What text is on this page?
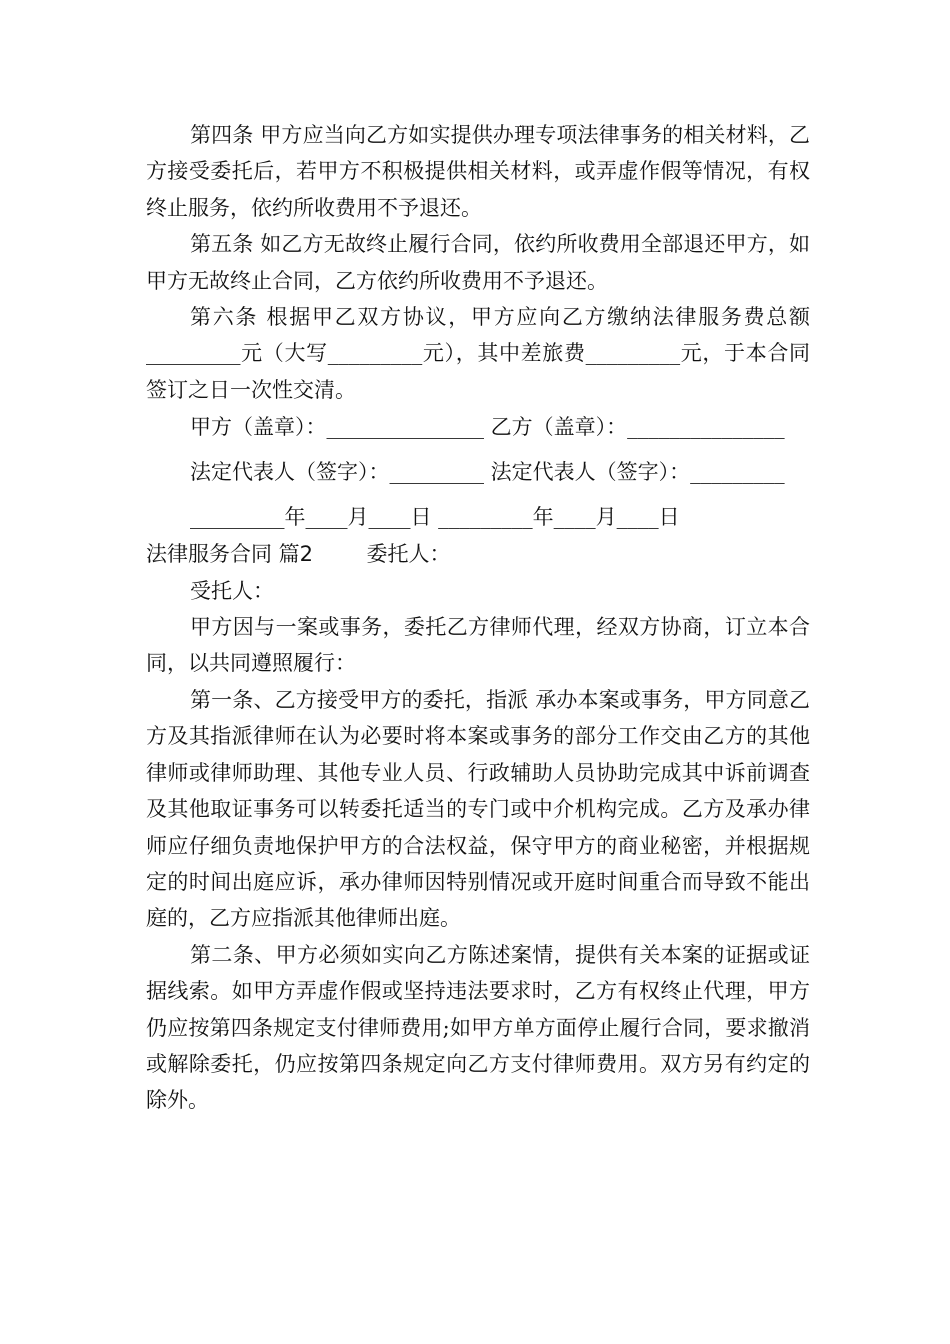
第四条 甲方应当向乙方如实提供办理专项法律事务的相关材料，乙方接受委托后，若甲方不积极提供相关材料，或弄虚作假等情况，有权终止服务，依约所收费用不予退还。

第五条 如乙方无故终止履行合同，依约所收费用全部退还甲方，如甲方无故终止合同，乙方依约所收费用不予退还。

第六条 根据甲乙双方协议，甲方应向乙方缴纳法律服务费总额_________元（大写_________元），其中差旅费_________元，于本合同签订之日一次性交清。

甲方（盖章）：_______________ 乙方（盖章）：_______________

法定代表人（签字）：_________ 法定代表人（签字）：_________

_________年____月____日 _________年____月____日

法律服务合同 篇2	委托人：

受托人：

甲方因与一案或事务，委托乙方律师代理，经双方协商，订立本合同，以共同遵照履行：

第一条、乙方接受甲方的委托，指派 承办本案或事务，甲方同意乙方及其指派律师在认为必要时将本案或事务的部分工作交由乙方的其他律师或律师助理、其他专业人员、行政辅助人员协助完成其中诉前调查及其他取证事务可以转委托适当的专门或中介机构完成。乙方及承办律师应仔细负责地保护甲方的合法权益，保守甲方的商业秘密，并根据规定的时间出庭应诉，承办律师因特别情况或开庭时间重合而导致不能出庭的，乙方应指派其他律师出庭。

第二条、甲方必须如实向乙方陈述案情，提供有关本案的证据或证据线索。如甲方弄虚作假或坚持违法要求时，乙方有权终止代理，甲方仍应按第四条规定支付律师费用;如甲方单方面停止履行合同，要求撤消或解除委托，仍应按第四条规定向乙方支付律师费用。双方另有约定的除外。
